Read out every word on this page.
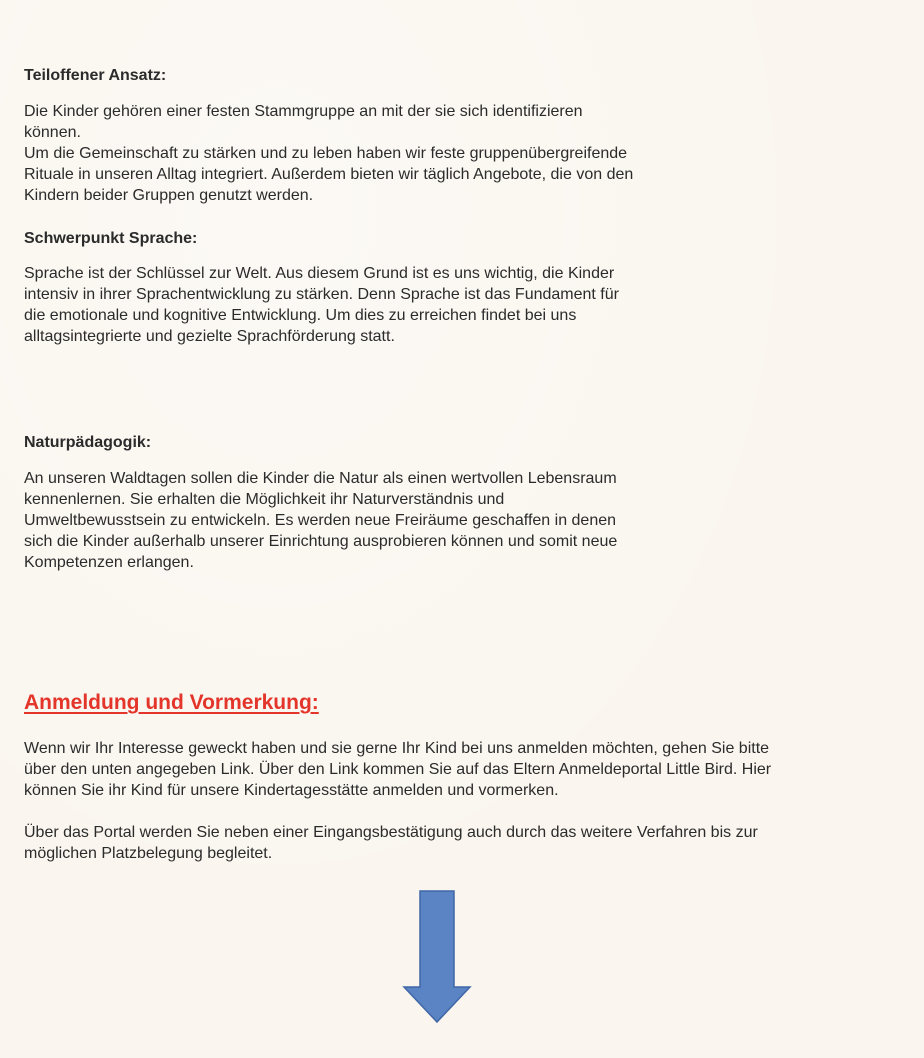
Teiloffener Ansatz:

Die Kinder gehören einer festen Stammgruppe an mit der sie sich identifizieren
können.
Um die Gemeinschaft zu stärken und zu leben haben wir feste gruppenübergreifende
Rituale in unseren Alltag integriert. Außerdem bieten wir täglich Angebote, die von den
Kindern beider Gruppen genutzt werden.

Schwerpunkt Sprache:

Sprache ist der Schlüssel zur Welt. Aus diesem Grund ist es uns wichtig, die Kinder
intensiv in ihrer Sprachentwicklung zu stärken. Denn Sprache ist das Fundament für
die emotionale und kognitive Entwicklung. Um dies zu erreichen findet bei uns
alltagsintegrierte und gezielte Sprachförderung statt.

Naturpädagogik:

An unseren Waldtagen sollen die Kinder die Natur als einen wertvollen Lebensraum
kennenlernen. Sie erhalten die Möglichkeit ihr Naturverständnis und
Umweltbewusstsein zu entwickeln. Es werden neue Freiräume geschaffen in denen
sich die Kinder außerhalb unserer Einrichtung ausprobieren können und somit neue
Kompetenzen erlangen.

Anmeldung und Vormerkung:

Wenn wir Ihr Interesse geweckt haben und sie gerne Ihr Kind bei uns anmelden möchten, gehen Sie bitte
über den unten angegeben Link. Über den Link kommen Sie auf das Eltern Anmeldeportal Little Bird. Hier
können Sie ihr Kind für unsere Kindertagesstätte anmelden und vormerken.

Über das Portal werden Sie neben einer Eingangsbestätigung auch durch das weitere Verfahren bis zur
möglichen Platzbelegung begleitet.
